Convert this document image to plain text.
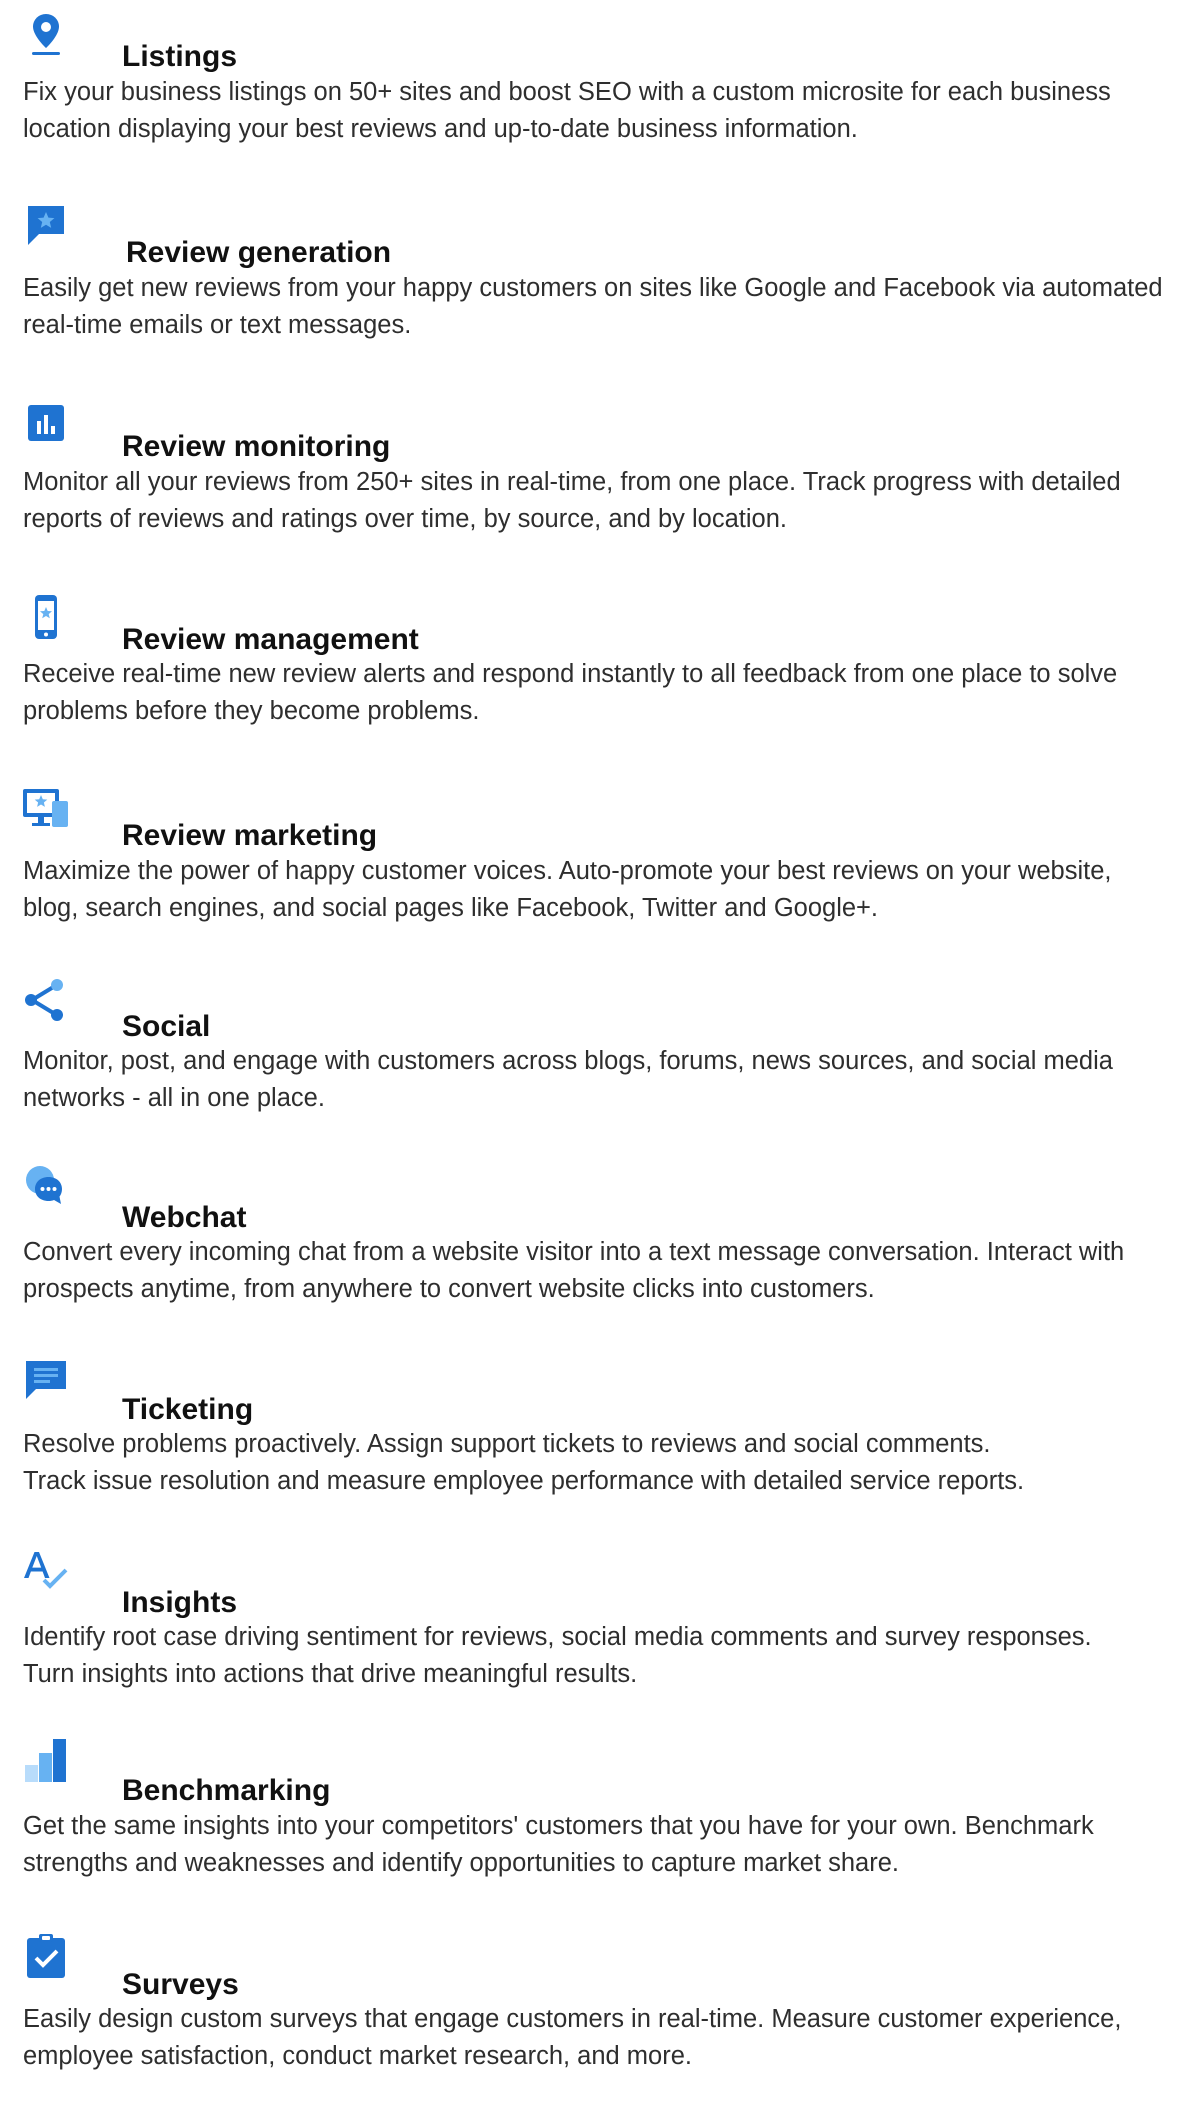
Listings

Fix your business listings on 50+ sites and boost SEO with a custom microsite for each business
location displaying your best reviews and up-to-date business information.

Review generation

Easily get new reviews from your happy customers on sites like Google and Facebook via automated
real-time emails or text messages.

Review monitoring

Monitor all your reviews from 250+ sites in real-time, from one place. Track progress with detailed
reports of reviews and ratings over time, by source, and by location.

Review management

Receive real-time new review alerts and respond instantly to all feedback from one place to solve
problems before they become problems.

Review marketing

Maximize the power of happy customer voices. Auto-promote your best reviews on your website,
blog, search engines, and social pages like Facebook, Twitter and Google+.

Social

Monitor, post, and engage with customers across blogs, forums, news sources, and social media
networks - all in one place.

Webchat

Convert every incoming chat from a website visitor into a text message conversation. Interact with
prospects anytime, from anywhere to convert website clicks into customers.

Ticketing

Resolve problems proactively. Assign support tickets to reviews and social comments.
Track issue resolution and measure employee performance with detailed service reports.

Insights

Identify root case driving sentiment for reviews, social media comments and survey responses.
Turn insights into actions that drive meaningful results.

Benchmarking

Get the same insights into your competitors' customers that you have for your own. Benchmark
strengths and weaknesses and identify opportunities to capture market share.

Surveys

Easily design custom surveys that engage customers in real-time. Measure customer experience,
employee satisfaction, conduct market research, and more.
